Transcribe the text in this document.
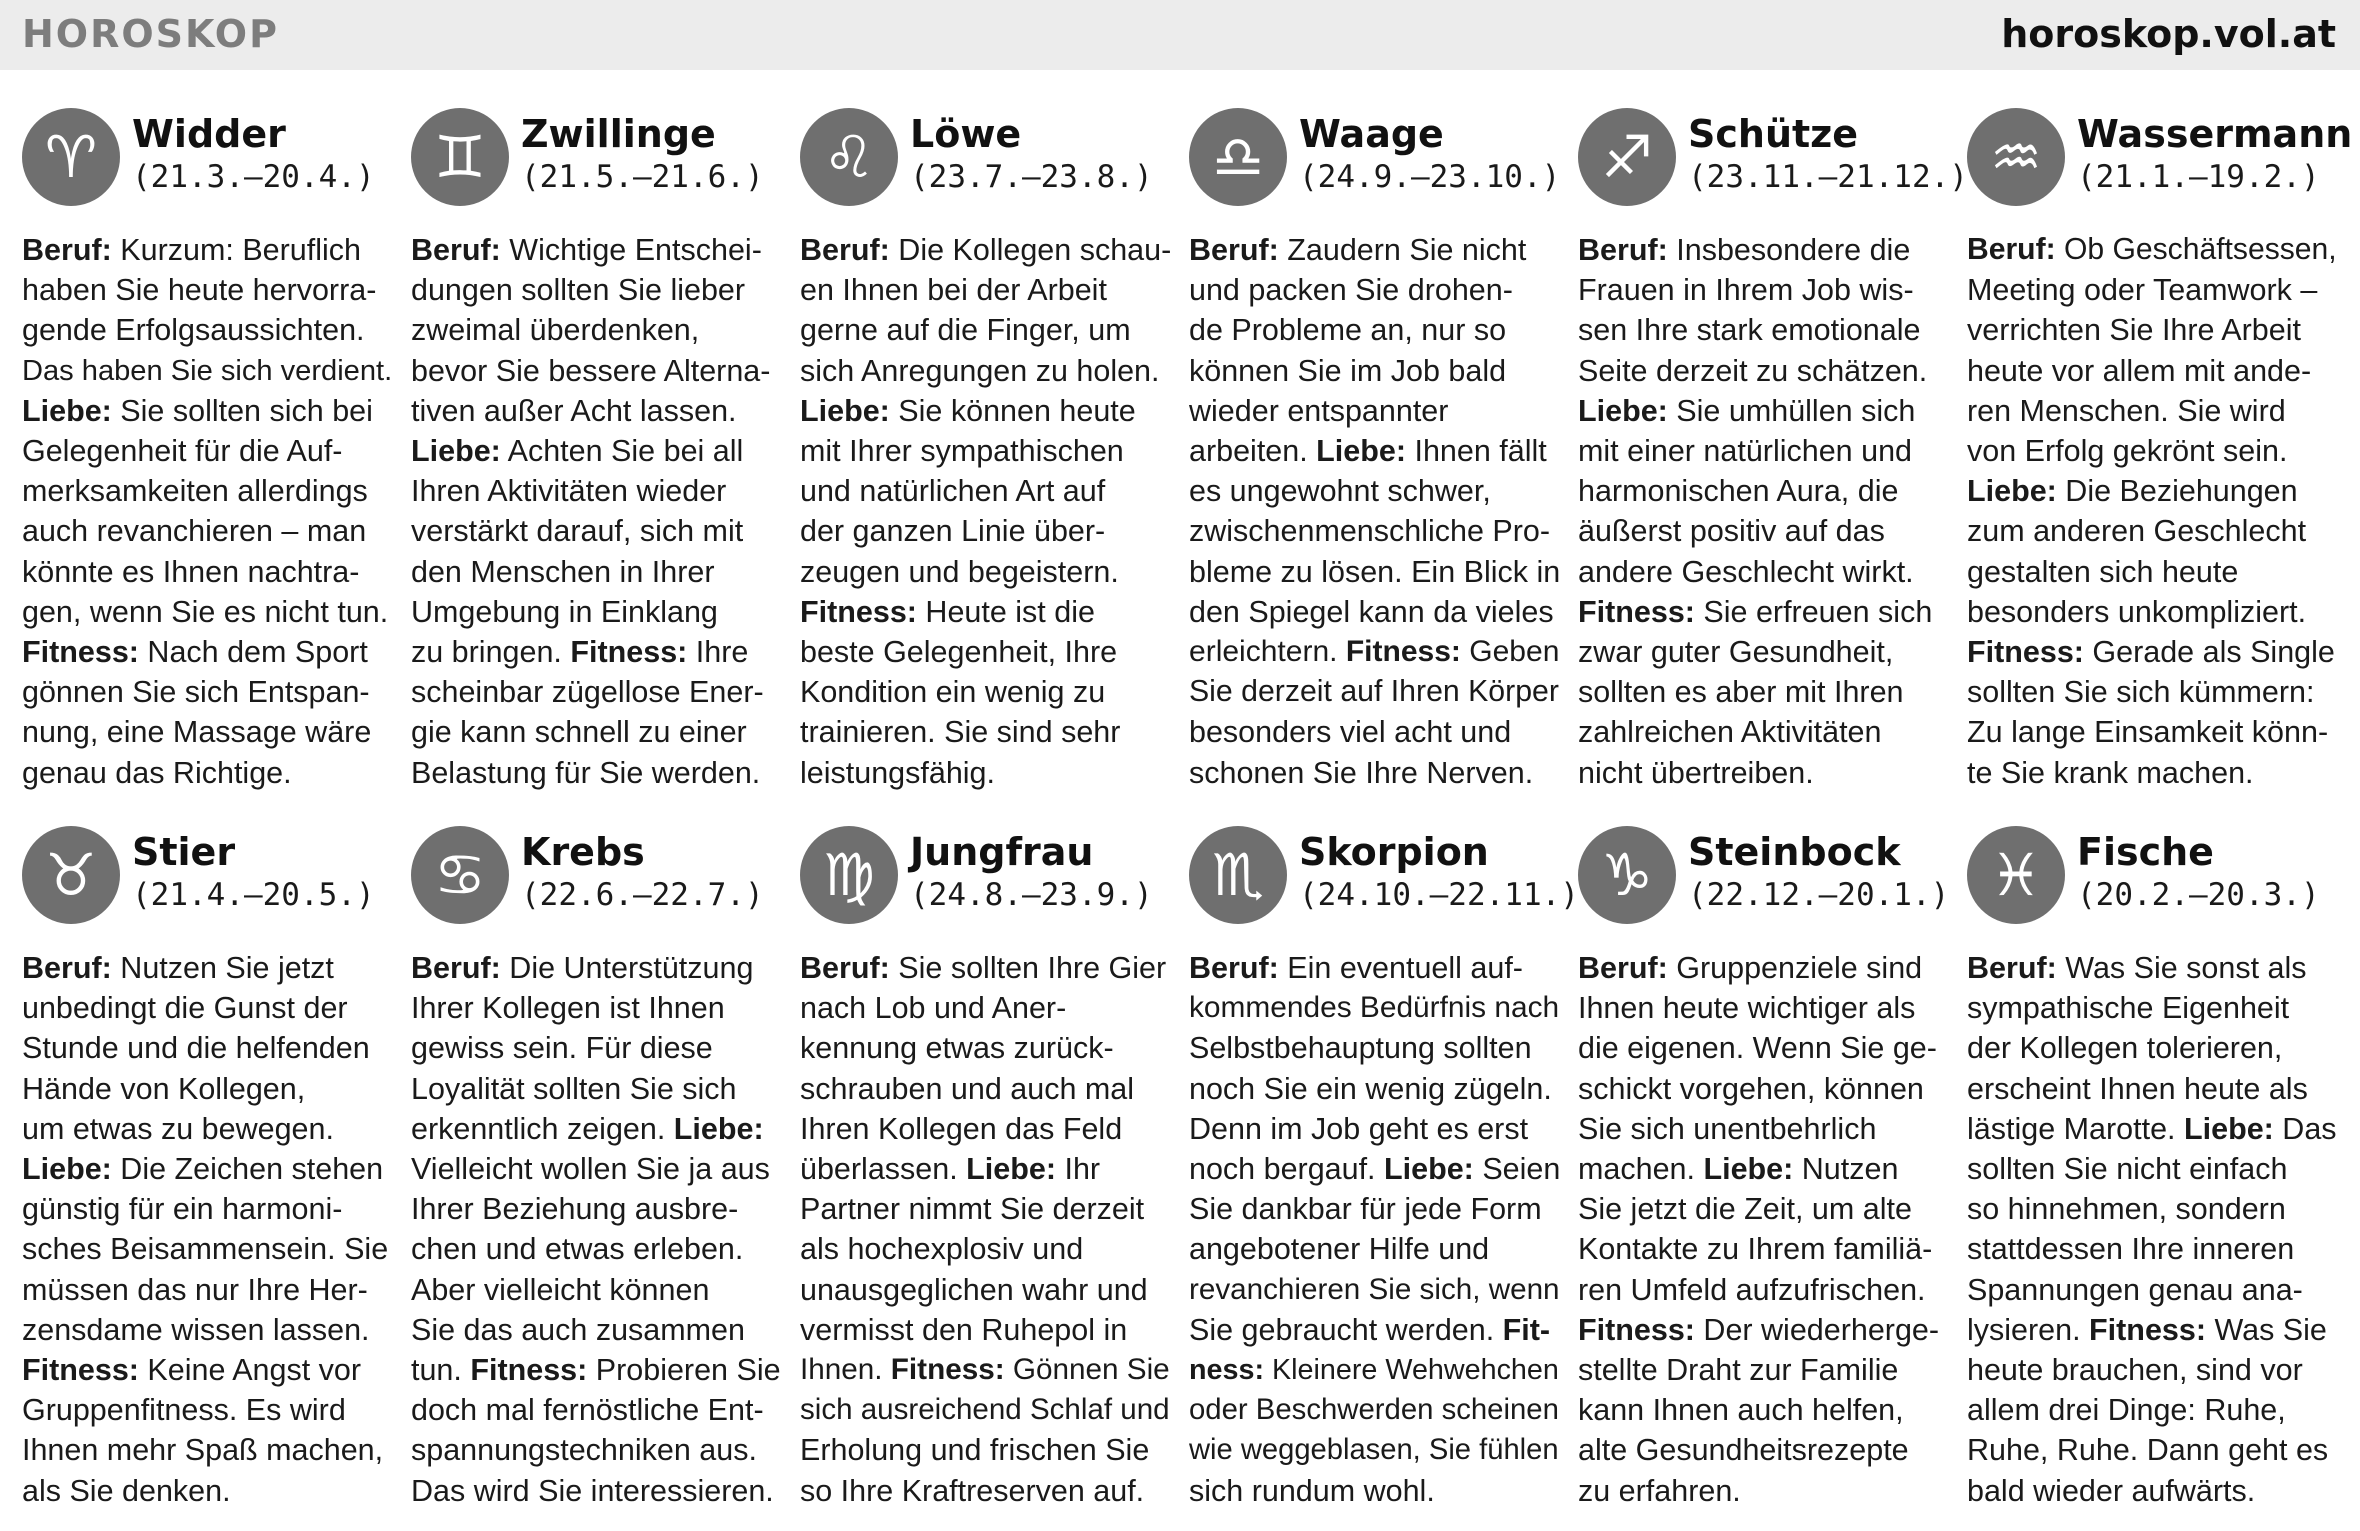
HOROSKOP	horoskop.vol.at
♈ Widder
(21.3.–20.4.)
Beruf: Kurzum: Beruflich
haben Sie heute hervorra-
gende Erfolgsaussichten.
Das haben Sie sich verdient.
Liebe: Sie sollten sich bei
Gelegenheit für die Auf-
merksamkeiten allerdings
auch revanchieren – man
könnte es Ihnen nachtra-
gen, wenn Sie es nicht tun.
Fitness: Nach dem Sport
gönnen Sie sich Entspan-
nung, eine Massage wäre
genau das Richtige.
♊ Zwillinge
(21.5.–21.6.)
Beruf: Wichtige Entschei-
dungen sollten Sie lieber
zweimal überdenken,
bevor Sie bessere Alterna-
tiven außer Acht lassen.
Liebe: Achten Sie bei all
Ihren Aktivitäten wieder
verstärkt darauf, sich mit
den Menschen in Ihrer
Umgebung in Einklang
zu bringen. Fitness: Ihre
scheinbar zügellose Ener-
gie kann schnell zu einer
Belastung für Sie werden.
♌ Löwe
(23.7.–23.8.)
Beruf: Die Kollegen schau-
en Ihnen bei der Arbeit
gerne auf die Finger, um
sich Anregungen zu holen.
Liebe: Sie können heute
mit Ihrer sympathischen
und natürlichen Art auf
der ganzen Linie über-
zeugen und begeistern.
Fitness: Heute ist die
beste Gelegenheit, Ihre
Kondition ein wenig zu
trainieren. Sie sind sehr
leistungsfähig.
♎ Waage
(24.9.–23.10.)
Beruf: Zaudern Sie nicht
und packen Sie drohen-
de Probleme an, nur so
können Sie im Job bald
wieder entspannter
arbeiten. Liebe: Ihnen fällt
es ungewohnt schwer,
zwischenmenschliche Pro-
bleme zu lösen. Ein Blick in
den Spiegel kann da vieles
erleichtern. Fitness: Geben
Sie derzeit auf Ihren Körper
besonders viel acht und
schonen Sie Ihre Nerven.
♐ Schütze
(23.11.–21.12.)
Beruf: Insbesondere die
Frauen in Ihrem Job wis-
sen Ihre stark emotionale
Seite derzeit zu schätzen.
Liebe: Sie umhüllen sich
mit einer natürlichen und
harmonischen Aura, die
äußerst positiv auf das
andere Geschlecht wirkt.
Fitness: Sie erfreuen sich
zwar guter Gesundheit,
sollten es aber mit Ihren
zahlreichen Aktivitäten
nicht übertreiben.
♒ Wassermann
(21.1.–19.2.)
Beruf: Ob Geschäftsessen,
Meeting oder Teamwork –
verrichten Sie Ihre Arbeit
heute vor allem mit ande-
ren Menschen. Sie wird
von Erfolg gekrönt sein.
Liebe: Die Beziehungen
zum anderen Geschlecht
gestalten sich heute
besonders unkompliziert.
Fitness: Gerade als Single
sollten Sie sich kümmern:
Zu lange Einsamkeit könn-
te Sie krank machen.
♉ Stier
(21.4.–20.5.)
Beruf: Nutzen Sie jetzt
unbedingt die Gunst der
Stunde und die helfenden
Hände von Kollegen,
um etwas zu bewegen.
Liebe: Die Zeichen stehen
günstig für ein harmoni-
sches Beisammensein. Sie
müssen das nur Ihre Her-
zensdame wissen lassen.
Fitness: Keine Angst vor
Gruppenfitness. Es wird
Ihnen mehr Spaß machen,
als Sie denken.
♋ Krebs
(22.6.–22.7.)
Beruf: Die Unterstützung
Ihrer Kollegen ist Ihnen
gewiss sein. Für diese
Loyalität sollten Sie sich
erkenntlich zeigen. Liebe:
Vielleicht wollen Sie ja aus
Ihrer Beziehung ausbre-
chen und etwas erleben.
Aber vielleicht können
Sie das auch zusammen
tun. Fitness: Probieren Sie
doch mal fernöstliche Ent-
spannungstechniken aus.
Das wird Sie interessieren.
♍ Jungfrau
(24.8.–23.9.)
Beruf: Sie sollten Ihre Gier
nach Lob und Aner-
kennung etwas zurück-
schrauben und auch mal
Ihren Kollegen das Feld
überlassen. Liebe: Ihr
Partner nimmt Sie derzeit
als hochexplosiv und
unausgeglichen wahr und
vermisst den Ruhepol in
Ihnen. Fitness: Gönnen Sie
sich ausreichend Schlaf und
Erholung und frischen Sie
so Ihre Kraftreserven auf.
♏ Skorpion
(24.10.–22.11.)
Beruf: Ein eventuell auf-
kommendes Bedürfnis nach
Selbstbehauptung sollten
noch Sie ein wenig zügeln.
Denn im Job geht es erst
noch bergauf. Liebe: Seien
Sie dankbar für jede Form
angebotener Hilfe und
revanchieren Sie sich, wenn
Sie gebraucht werden. Fit-
ness: Kleinere Wehwehchen
oder Beschwerden scheinen
wie weggeblasen, Sie fühlen
sich rundum wohl.
♑ Steinbock
(22.12.–20.1.)
Beruf: Gruppenziele sind
Ihnen heute wichtiger als
die eigenen. Wenn Sie ge-
schickt vorgehen, können
Sie sich unentbehrlich
machen. Liebe: Nutzen
Sie jetzt die Zeit, um alte
Kontakte zu Ihrem familiä-
ren Umfeld aufzufrischen.
Fitness: Der wiederherge-
stellte Draht zur Familie
kann Ihnen auch helfen,
alte Gesundheitsrezepte
zu erfahren.
♓ Fische
(20.2.–20.3.)
Beruf: Was Sie sonst als
sympathische Eigenheit
der Kollegen tolerieren,
erscheint Ihnen heute als
lästige Marotte. Liebe: Das
sollten Sie nicht einfach
so hinnehmen, sondern
stattdessen Ihre inneren
Spannungen genau ana-
lysieren. Fitness: Was Sie
heute brauchen, sind vor
allem drei Dinge: Ruhe,
Ruhe, Ruhe. Dann geht es
bald wieder aufwärts.
